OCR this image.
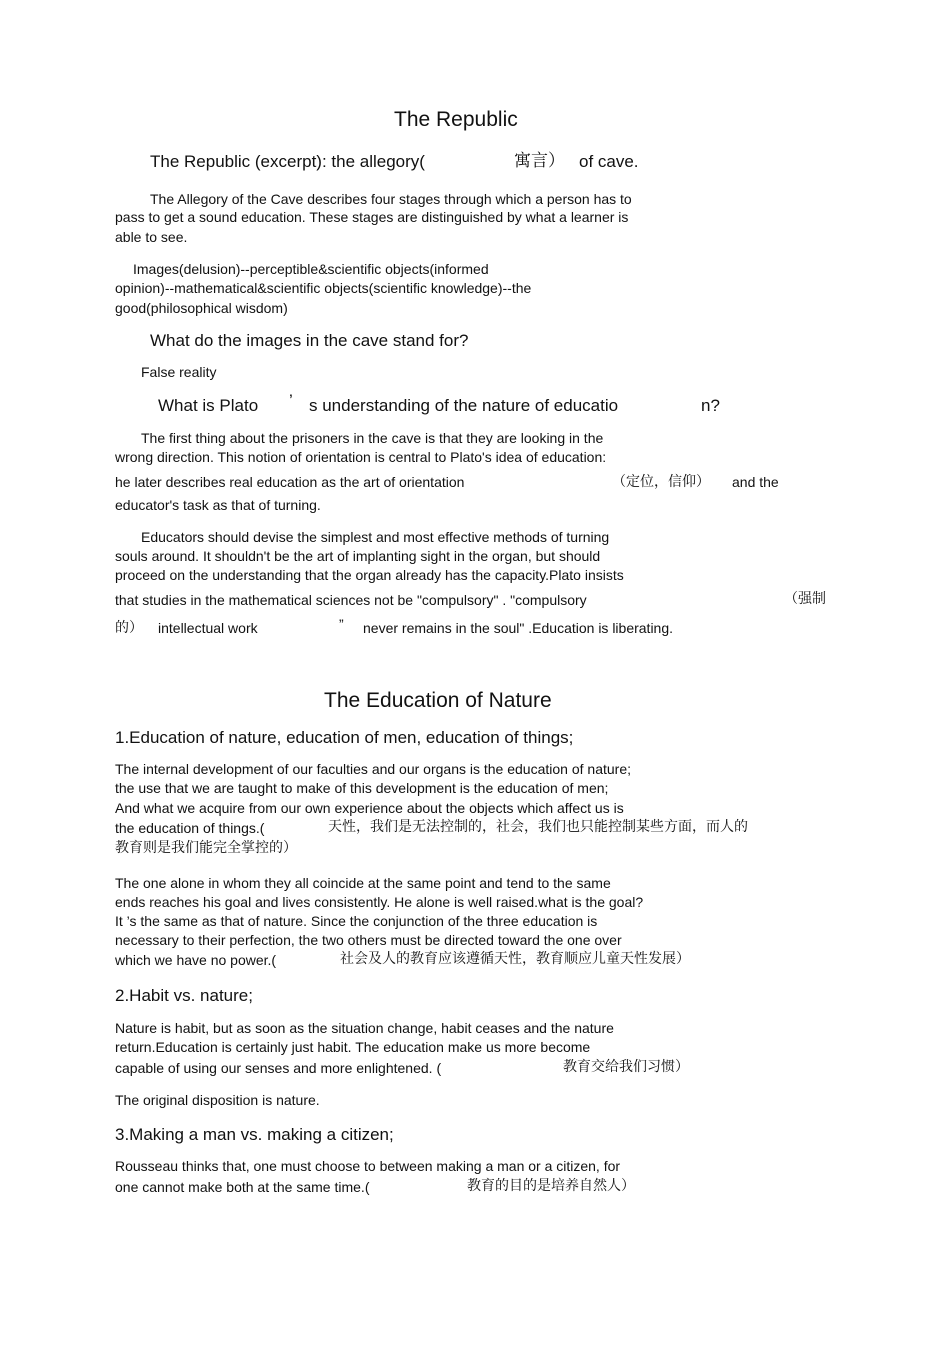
The Republic
The Republic (excerpt): the allegory(	寓言） of cave.
The Allegory of the Cave describes four stages through which a person has to
pass to get a sound education. These stages are distinguished by what a learner is
able to see.
Images(delusion)--perceptible&scientific objects(informed
opinion)--mathematical&scientific objects(scientific knowledge)--the
good(philosophical wisdom)
What do the images in the cave stand for?
False reality
What is Plato ’ s understanding of the nature of educatio	n?
The first thing about the prisoners in the cave is that they are looking in the
wrong direction. This notion of orientation is central to Plato's idea of education:
he later describes real education as the art of orientation	（定位，信仰） and the
educator's task as that of turning.
Educators should devise the simplest and most effective methods of turning
souls around. It shouldn't be the art of implanting sight in the organ, but should
proceed on the understanding that the organ already has the capacity.Plato insists
that studies in the mathematical sciences not be "compulsory" . "compulsory	（强制
的） intellectual work	” never remains in the soul" .Education is liberating.
The Education of Nature
1.Education of nature, education of men, education of things;
The internal development of our faculties and our organs is the education of nature;
the use that we are taught to make of this development is the education of men;
And what we acquire from our own experience about the objects which affect us is
the education of things.(	天性，我们是无法控制的，社会，我们也只能控制某些方面，而人的
教育则是我们能完全掌控的）
The one alone in whom they all coincide at the same point and tend to the same
ends reaches his goal and lives consistently. He alone is well raised.what is the goal?
It ’s the same as that of nature. Since the conjunction of the three education is
necessary to their perfection, the two others must be directed toward the one over
which we have no power.(	社会及人的教育应该遵循天性，教育顺应儿童天性发展）
2.Habit vs. nature;
Nature is habit, but as soon as the situation change, habit ceases and the nature
return.Education is certainly just habit. The education make us more become
capable of using our senses and more enlightened. (	教育交给我们习惯）
The original disposition is nature.
3.Making a man vs. making a citizen;
Rousseau thinks that, one must choose to between making a man or a citizen, for
one cannot make both at the same time.(	教育的目的是培养自然人）
